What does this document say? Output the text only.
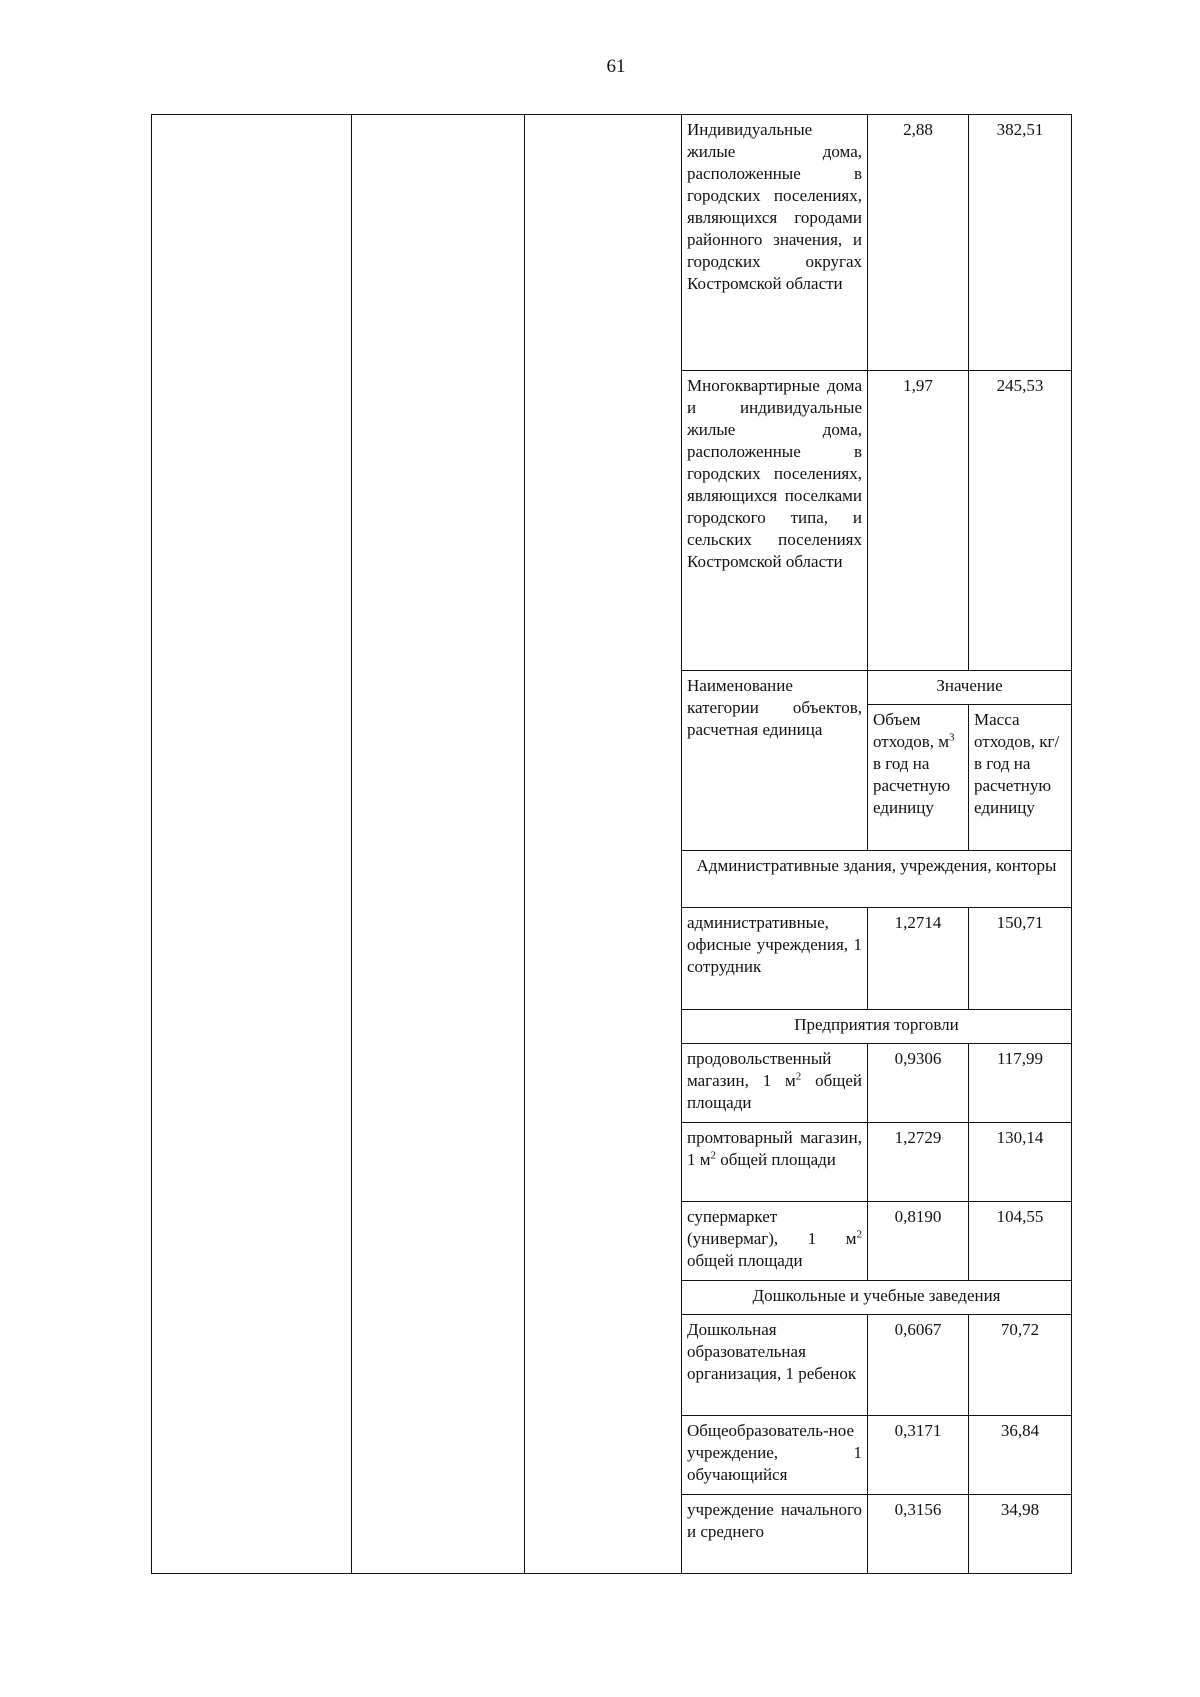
61
			Индивидуальные жилые дома, расположенные в городских поселениях, являющихся городами районного значения, и городских округах Костромской области	2,88	382,51
			Многоквартирные дома и индивидуальные жилые дома, расположенные в городских поселениях, являющихся поселками городского типа, и сельских поселениях Костромской области	1,97	245,53
			Наименование категории объектов, расчетная единица	Значение	
				Объем отходов, $м^3$ в год на расчетную единицу	Масса отходов, кг/ в год на расчетную единицу
			Административные здания, учреждения, конторы		
			административные, офисные учреждения, 1 сотрудник	1,2714	150,71
			Предприятия торговли		
			продовольственный магазин, 1 $м^2$ общей площади	0,9306	117,99
			промтоварный магазин, 1 $м^2$ общей площади	1,2729	130,14
			супермаркет (универмаг), 1 $м^2$ общей площади	0,8190	104,55
			Дошкольные и учебные заведения		
			Дошкольная образовательная организация, 1 ребенок	0,6067	70,72
			Общеобразователь-ное учреждение, 1 обучающийся	0,3171	36,84
			учреждение начального и среднего	0,3156	34,98
